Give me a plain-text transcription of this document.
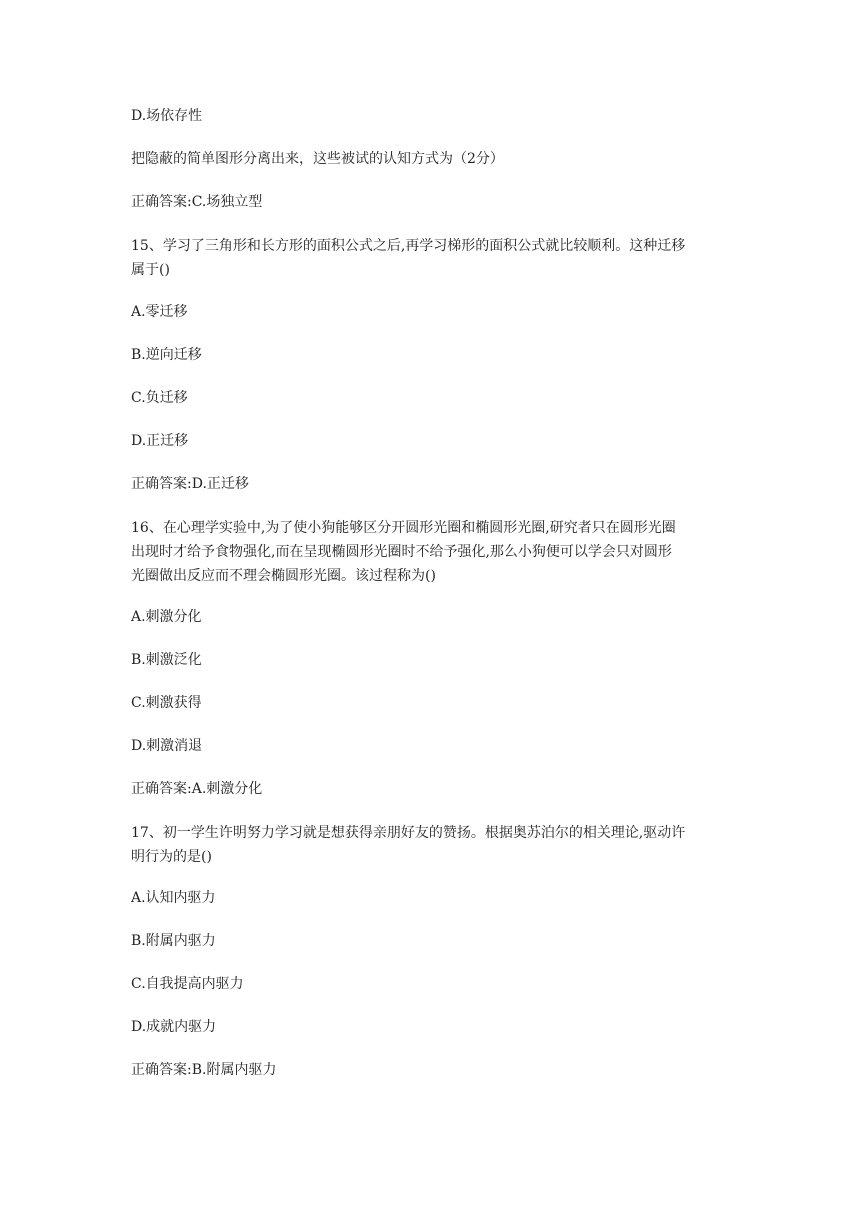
D.场依存性
把隐蔽的简单图形分离出来，这些被试的认知方式为（2分）
正确答案:C.场独立型
15、学习了三角形和长方形的面积公式之后,再学习梯形的面积公式就比较顺利。这种迁移
属于()
A.零迁移
B.逆向迁移
C.负迁移
D.正迁移
正确答案:D.正迁移
16、在心理学实验中,为了使小狗能够区分开圆形光圈和椭圆形光圈,研究者只在圆形光圈
出现时才给予食物强化,而在呈现椭圆形光圈时不给予强化,那么小狗便可以学会只对圆形
光圈做出反应而不理会椭圆形光圈。该过程称为()
A.刺激分化
B.刺激泛化
C.刺激获得
D.刺激消退
正确答案:A.刺激分化
17、初一学生许明努力学习就是想获得亲朋好友的赞扬。根据奥苏泊尔的相关理论,驱动许
明行为的是()
A.认知内驱力
B.附属内驱力
C.自我提高内驱力
D.成就内驱力
正确答案:B.附属内驱力
